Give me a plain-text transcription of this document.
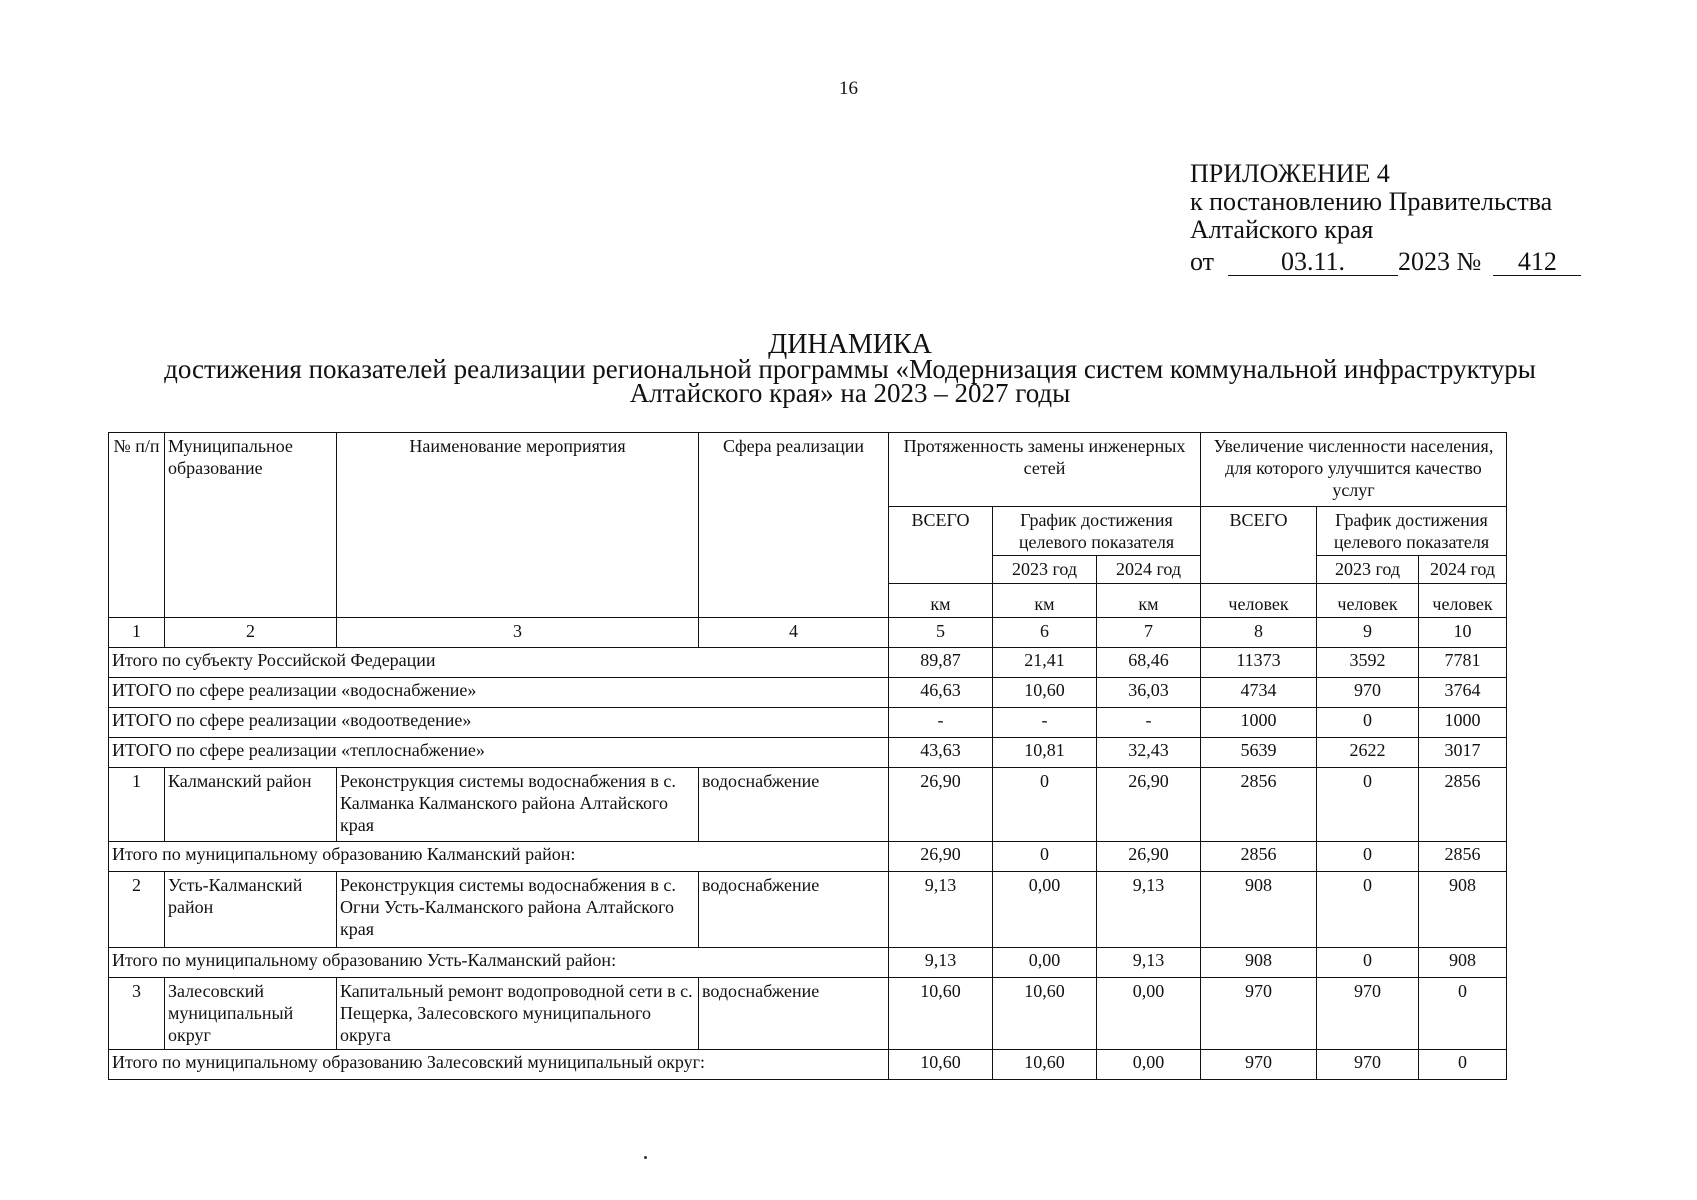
16
ПРИЛОЖЕНИЕ 4
к постановлению Правительства
Алтайского края
от	03.11.	2023 №	412
ДИНАМИКА
достижения показателей реализации региональной программы «Модернизация систем коммунальной инфраструктуры
Алтайского края» на 2023 – 2027 годы
№ п/п	Муниципальное образование	Наименование мероприятия	Сфера реализации	Протяженность замены инженерных сетей			Увеличение численности населения, для которого улучшится качество услуг		
				ВСЕГО	График достижения целевого показателя		ВСЕГО	График достижения целевого показателя	
					2023 год	2024 год		2023 год	2024 год
				км	км	км	человек	человек	человек
1	2	3	4	5	6	7	8	9	10
Итого по субъекту Российской Федерации				89,87	21,41	68,46	11373	3592	7781
ИТОГО по сфере реализации «водоснабжение»				46,63	10,60	36,03	4734	970	3764
ИТОГО по сфере реализации «водоотведение»				-	-	-	1000	0	1000
ИТОГО по сфере реализации «теплоснабжение»				43,63	10,81	32,43	5639	2622	3017
1	Калманский район	Реконструкция системы водоснабжения в с. Калманка Калманского района Алтайского края	водоснабжение	26,90	0	26,90	2856	0	2856
Итого по муниципальному образованию Калманский район:				26,90	0	26,90	2856	0	2856
2	Усть-Калманский район	Реконструкция системы водоснабжения в с. Огни Усть-Калманского района Алтайского края	водоснабжение	9,13	0,00	9,13	908	0	908
Итого по муниципальному образованию Усть-Калманский район:				9,13	0,00	9,13	908	0	908
3	Залесовский муниципальный округ	Капитальный ремонт водопроводной сети в с. Пещерка, Залесовского муниципального округа	водоснабжение	10,60	10,60	0,00	970	970	0
Итого по муниципальному образованию Залесовский муниципальный округ:				10,60	10,60	0,00	970	970	0
